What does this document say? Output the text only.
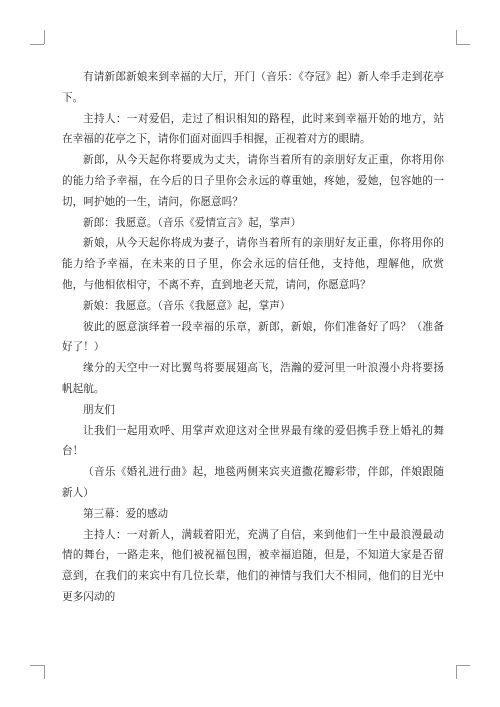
有请新郎新娘来到幸福的大厅，开门（音乐：《夺冠》起）新人牵手走到花亭下。

主持人：一对爱侣，走过了相识相知的路程，此时来到幸福开始的地方，站在幸福的花亭之下，请你们面对面四手相握，正视着对方的眼睛。

新郎，从今天起你将要成为丈夫，请你当着所有的亲朋好友正重，你将用你的能力给予幸福，在今后的日子里你会永远的尊重她，疼她，爱她，包容她的一切，呵护她的一生，请问，你愿意吗？

新郎：我愿意。（音乐《爱情宣言》起，掌声）

新娘，从今天起你将成为妻子，请你当着所有的亲朋好友正重，你将用你的能力给予幸福，在未来的日子里，你会永远的信任他，支持他，理解他，欣赏他，与他相依相守，不离不弃，直到地老天荒，请问，你愿意吗？

新娘：我愿意。（音乐《我愿意》起，掌声）

彼此的愿意演绎着一段幸福的乐章，新郎，新娘，你们准备好了吗？（准备好了！）

缘分的天空中一对比翼鸟将要展翅高飞，浩瀚的爱河里一叶浪漫小舟将要扬帆起航。

朋友们

让我们一起用欢呼、用掌声欢迎这对全世界最有缘的爱侣携手登上婚礼的舞台！

（音乐《婚礼进行曲》起，地毯两侧来宾夹道撒花瓣彩带，伴郎，伴娘跟随新人）

第三幕：爱的感动

主持人：一对新人，满载着阳光，充满了自信，来到他们一生中最浪漫最动情的舞台，一路走来，他们被祝福包围，被幸福追随，但是，不知道大家是否留意到，在我们的来宾中有几位长辈，他们的神情与我们大不相同，他们的目光中更多闪动的
